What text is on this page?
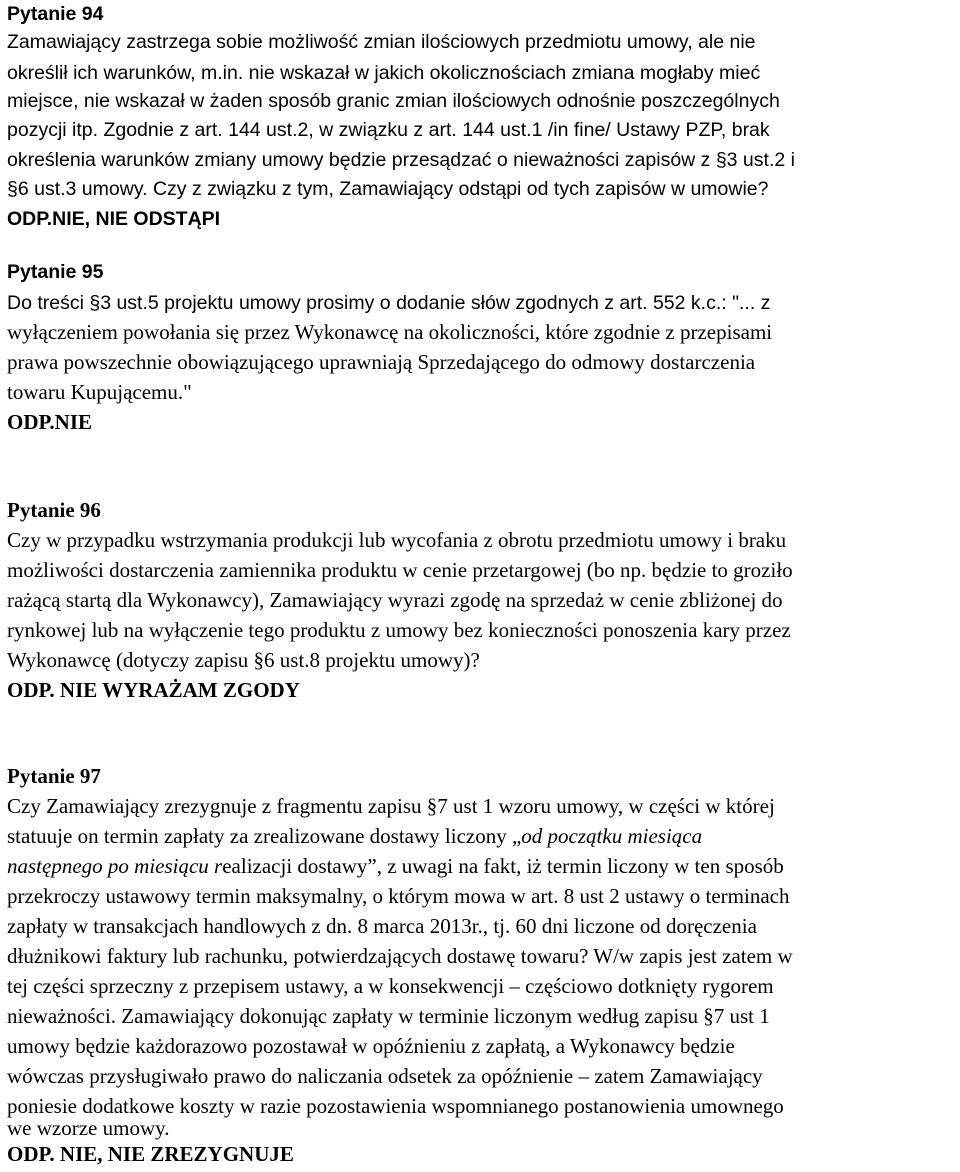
Pytanie 94
Zamawiający zastrzega sobie możliwość zmian ilościowych przedmiotu umowy, ale nie
określił ich warunków, m.in. nie wskazał w jakich okolicznościach zmiana mogłaby mieć
miejsce, nie wskazał w żaden sposób granic zmian ilościowych odnośnie poszczególnych
pozycji itp. Zgodnie z art. 144 ust.2, w związku z art. 144 ust.1 /in fine/ Ustawy PZP, brak
określenia warunków zmiany umowy będzie przesądzać o nieważności zapisów z §3 ust.2 i
§6 ust.3 umowy. Czy z związku z tym, Zamawiający odstąpi od tych zapisów w umowie?
ODP.NIE, NIE ODSTĄPI
Pytanie 95
Do treści §3 ust.5 projektu umowy prosimy o dodanie słów zgodnych z art. 552 k.c.: "... z
wyłączeniem powołania się przez Wykonawcę na okoliczności, które zgodnie z przepisami
prawa powszechnie obowiązującego uprawniają Sprzedającego do odmowy dostarczenia
towaru Kupującemu."
ODP.NIE
Pytanie 96
Czy w przypadku wstrzymania produkcji lub wycofania z obrotu przedmiotu umowy i braku
możliwości dostarczenia zamiennika produktu w cenie przetargowej (bo np. będzie to groziło
rażącą startą dla Wykonawcy), Zamawiający wyrazi zgodę na sprzedaż w cenie zbliżonej do
rynkowej lub na wyłączenie tego produktu z umowy bez konieczności ponoszenia kary przez
Wykonawcę (dotyczy zapisu §6 ust.8 projektu umowy)?
ODP. NIE WYRAŻAM ZGODY
Pytanie 97
Czy Zamawiający zrezygnuje z fragmentu zapisu §7 ust 1 wzoru umowy, w części w której
statuuje on termin zapłaty za zrealizowane dostawy liczony „od początku miesiąca
następnego po miesiącu realizacji dostawy”, z uwagi na fakt, iż termin liczony w ten sposób
przekroczy ustawowy termin maksymalny, o którym mowa w art. 8 ust 2 ustawy o terminach
zapłaty w transakcjach handlowych z dn. 8 marca 2013r., tj. 60 dni liczone od doręczenia
dłużnikowi faktury lub rachunku, potwierdzających dostawę towaru? W/w zapis jest zatem w
tej części sprzeczny z przepisem ustawy, a w konsekwencji – częściowo dotknięty rygorem
nieważności. Zamawiający dokonując zapłaty w terminie liczonym według zapisu §7 ust 1
umowy będzie każdorazowo pozostawał w opóźnieniu z zapłatą, a Wykonawcy będzie
wówczas przysługiwało prawo do naliczania odsetek za opóźnienie – zatem Zamawiający
poniesie dodatkowe koszty w razie pozostawienia wspomnianego postanowienia umownego
we wzorze umowy.
ODP. NIE, NIE ZREZYGNUJE
